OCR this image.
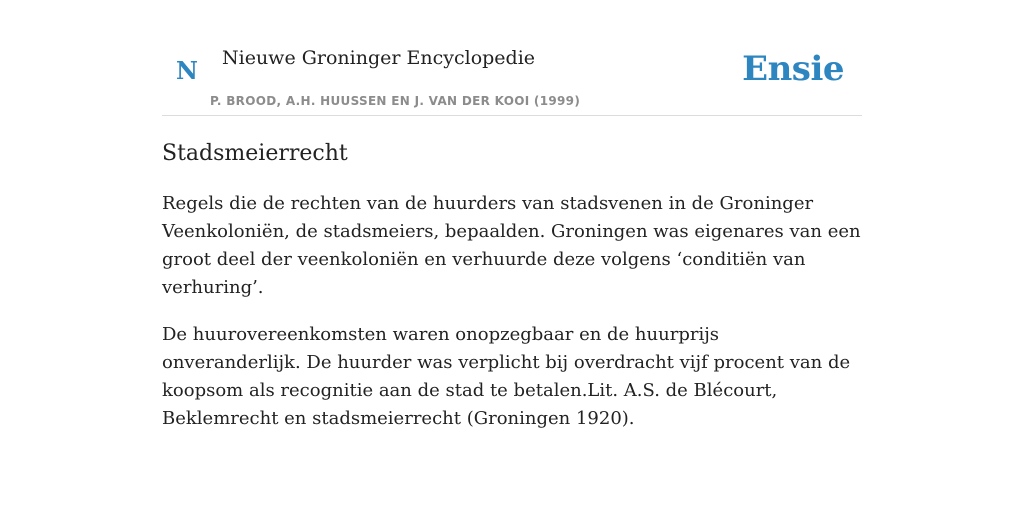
N Nieuwe Groninger Encyclopedie
P. BROOD, A.H. HUUSSEN EN J. VAN DER KOOI (1999)
Ensie
Stadsmeierrecht

Regels die de rechten van de huurders van stadsvenen in de Groninger Veenkoloniën, de stadsmeiers, bepaalden. Groningen was eigenares van een groot deel der veenkoloniën en verhuurde deze volgens ‘conditiën van verhuring’.

De huurovereenkomsten waren onopzegbaar en de huurprijs onveranderlijk. De huurder was verplicht bij overdracht vijf procent van de koopsom als recognitie aan de stad te betalen.Lit. A.S. de Blécourt, Beklemrecht en stadsmeierrecht (Groningen 1920).
